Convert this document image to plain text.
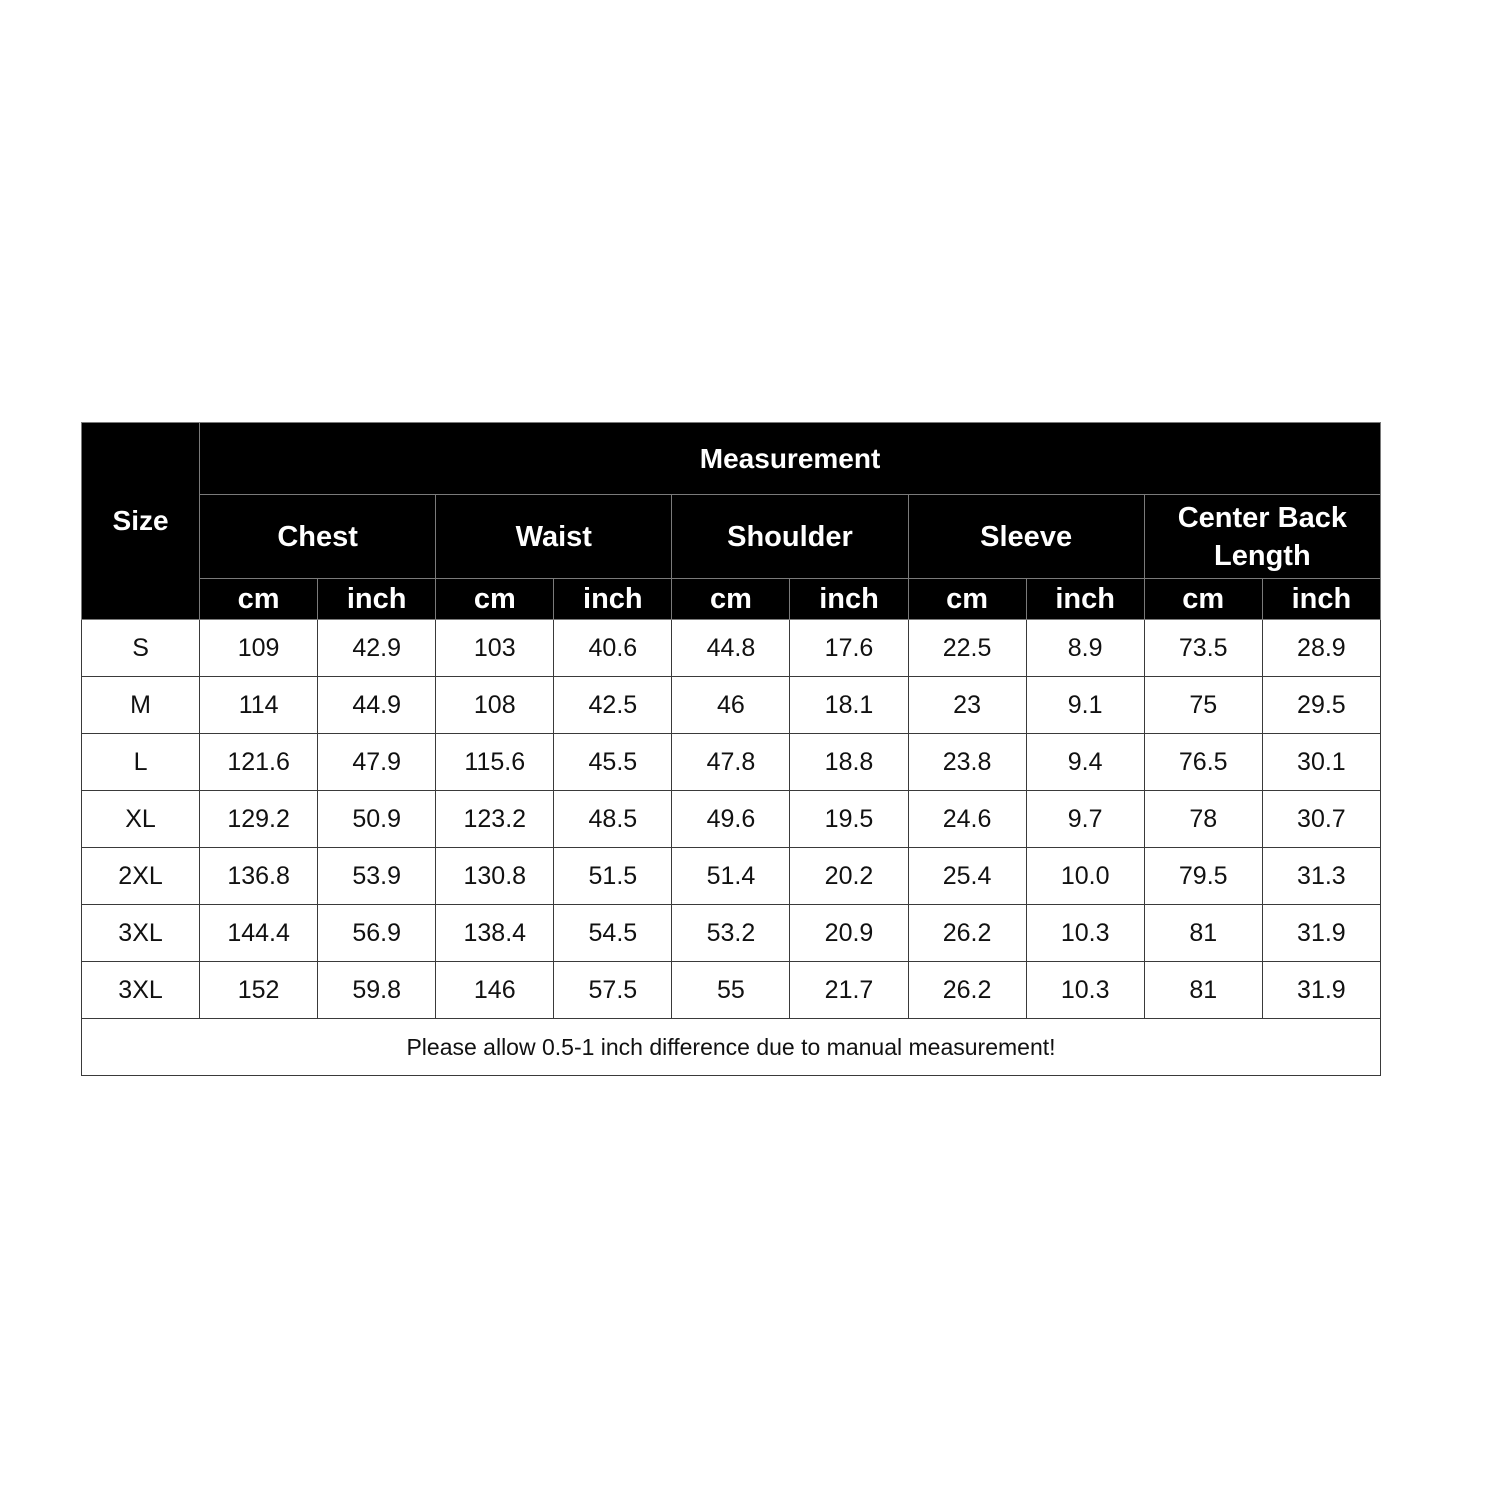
Size	Measurement									
	Chest		Waist		Shoulder		Sleeve		Center Back Length	
	cm	inch	cm	inch	cm	inch	cm	inch	cm	inch
S	109	42.9	103	40.6	44.8	17.6	22.5	8.9	73.5	28.9
M	114	44.9	108	42.5	46	18.1	23	9.1	75	29.5
L	121.6	47.9	115.6	45.5	47.8	18.8	23.8	9.4	76.5	30.1
XL	129.2	50.9	123.2	48.5	49.6	19.5	24.6	9.7	78	30.7
2XL	136.8	53.9	130.8	51.5	51.4	20.2	25.4	10.0	79.5	31.3
3XL	144.4	56.9	138.4	54.5	53.2	20.9	26.2	10.3	81	31.9
3XL	152	59.8	146	57.5	55	21.7	26.2	10.3	81	31.9
Please allow 0.5-1 inch difference due to manual measurement!										
